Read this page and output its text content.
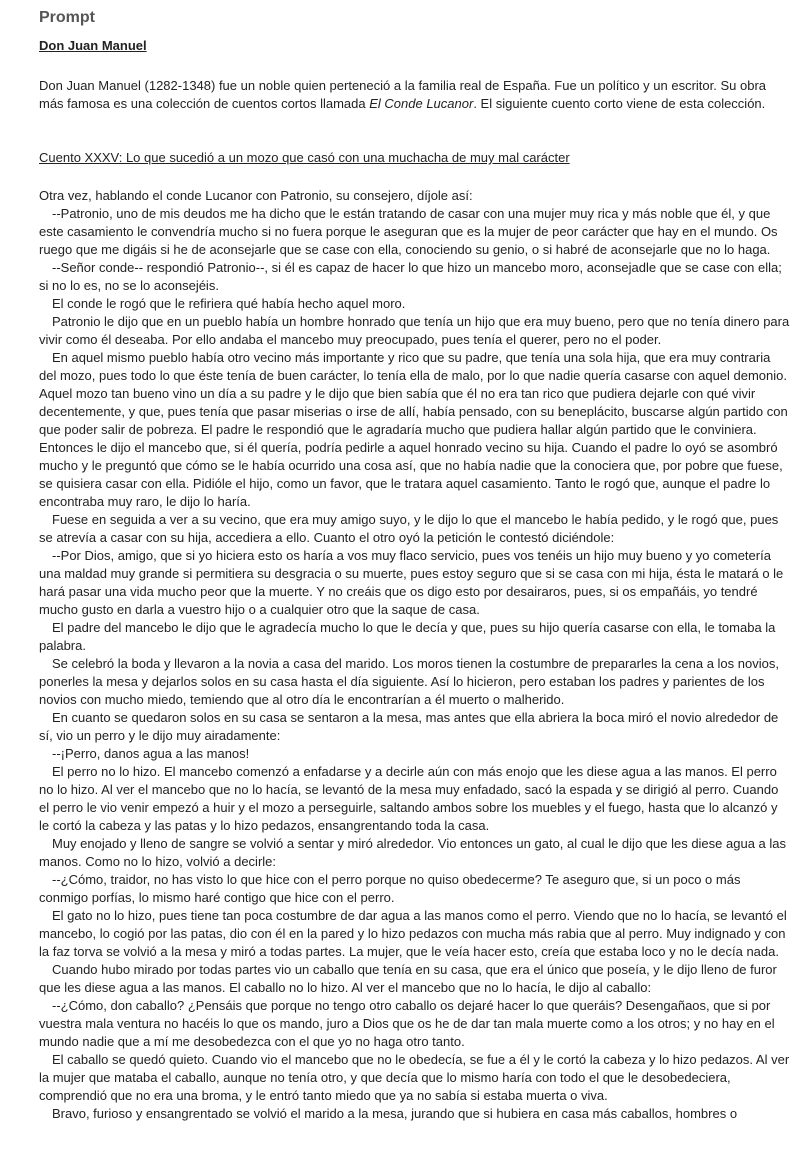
Prompt
Don Juan Manuel

Don Juan Manuel (1282-1348) fue un noble quien perteneció a la familia real de España. Fue un político y un escritor. Su obra más famosa es una colección de cuentos cortos llamada El Conde Lucanor. El siguiente cuento corto viene de esta colección.

Cuento XXXV: Lo que sucedió a un mozo que casó con una muchacha de muy mal carácter

Otra vez, hablando el conde Lucanor con Patronio, su consejero, díjole así:

--Patronio, uno de mis deudos me ha dicho que le están tratando de casar con una mujer muy rica y más noble que él, y que este casamiento le convendría mucho si no fuera porque le aseguran que es la mujer de peor carácter que hay en el mundo. Os ruego que me digáis si he de aconsejarle que se case con ella, conociendo su genio, o si habré de aconsejarle que no lo haga.

--Señor conde-- respondió Patronio--, si él es capaz de hacer lo que hizo un mancebo moro, aconsejadle que se case con ella; si no lo es, no se lo aconsejéis.

El conde le rogó que le refiriera qué había hecho aquel moro.

Patronio le dijo que en un pueblo había un hombre honrado que tenía un hijo que era muy bueno, pero que no tenía dinero para vivir como él deseaba. Por ello andaba el mancebo muy preocupado, pues tenía el querer, pero no el poder.

En aquel mismo pueblo había otro vecino más importante y rico que su padre, que tenía una sola hija, que era muy contraria del mozo, pues todo lo que éste tenía de buen carácter, lo tenía ella de malo, por lo que nadie quería casarse con aquel demonio. Aquel mozo tan bueno vino un día a su padre y le dijo que bien sabía que él no era tan rico que pudiera dejarle con qué vivir decentemente, y que, pues tenía que pasar miserias o irse de allí, había pensado, con su beneplácito, buscarse algún partido con que poder salir de pobreza. El padre le respondió que le agradaría mucho que pudiera hallar algún partido que le conviniera. Entonces le dijo el mancebo que, si él quería, podría pedirle a aquel honrado vecino su hija. Cuando el padre lo oyó se asombró mucho y le preguntó que cómo se le había ocurrido una cosa así, que no había nadie que la conociera que, por pobre que fuese, se quisiera casar con ella. Pidióle el hijo, como un favor, que le tratara aquel casamiento. Tanto le rogó que, aunque el padre lo encontraba muy raro, le dijo lo haría.

Fuese en seguida a ver a su vecino, que era muy amigo suyo, y le dijo lo que el mancebo le había pedido, y le rogó que, pues se atrevía a casar con su hija, accediera a ello. Cuanto el otro oyó la petición le contestó diciéndole:

--Por Dios, amigo, que si yo hiciera esto os haría a vos muy flaco servicio, pues vos tenéis un hijo muy bueno y yo cometería una maldad muy grande si permitiera su desgracia o su muerte, pues estoy seguro que si se casa con mi hija, ésta le matará o le hará pasar una vida mucho peor que la muerte. Y no creáis que os digo esto por desairaros, pues, si os empañáis, yo tendré mucho gusto en darla a vuestro hijo o a cualquier otro que la saque de casa.

El padre del mancebo le dijo que le agradecía mucho lo que le decía y que, pues su hijo quería casarse con ella, le tomaba la palabra.

Se celebró la boda y llevaron a la novia a casa del marido. Los moros tienen la costumbre de prepararles la cena a los novios, ponerles la mesa y dejarlos solos en su casa hasta el día siguiente. Así lo hicieron, pero estaban los padres y parientes de los novios con mucho miedo, temiendo que al otro día le encontrarían a él muerto o malherido.

En cuanto se quedaron solos en su casa se sentaron a la mesa, mas antes que ella abriera la boca miró el novio alrededor de sí, vio un perro y le dijo muy airadamente:

--¡Perro, danos agua a las manos!

El perro no lo hizo. El mancebo comenzó a enfadarse y a decirle aún con más enojo que les diese agua a las manos. El perro no lo hizo. Al ver el mancebo que no lo hacía, se levantó de la mesa muy enfadado, sacó la espada y se dirigió al perro. Cuando el perro le vio venir empezó a huir y el mozo a perseguirle, saltando ambos sobre los muebles y el fuego, hasta que lo alcanzó y le cortó la cabeza y las patas y lo hizo pedazos, ensangrentando toda la casa.

Muy enojado y lleno de sangre se volvió a sentar y miró alrededor. Vio entonces un gato, al cual le dijo que les diese agua a las manos. Como no lo hizo, volvió a decirle:

--¿Cómo, traidor, no has visto lo que hice con el perro porque no quiso obedecerme? Te aseguro que, si un poco o más conmigo porfías, lo mismo haré contigo que hice con el perro.

El gato no lo hizo, pues tiene tan poca costumbre de dar agua a las manos como el perro. Viendo que no lo hacía, se levantó el mancebo, lo cogió por las patas, dio con él en la pared y lo hizo pedazos con mucha más rabia que al perro. Muy indignado y con la faz torva se volvió a la mesa y miró a todas partes. La mujer, que le veía hacer esto, creía que estaba loco y no le decía nada.

Cuando hubo mirado por todas partes vio un caballo que tenía en su casa, que era el único que poseía, y le dijo lleno de furor que les diese agua a las manos. El caballo no lo hizo. Al ver el mancebo que no lo hacía, le dijo al caballo:

--¿Cómo, don caballo? ¿Pensáis que porque no tengo otro caballo os dejaré hacer lo que queráis? Desengañaos, que si por vuestra mala ventura no hacéis lo que os mando, juro a Dios que os he de dar tan mala muerte como a los otros; y no hay en el mundo nadie que a mí me desobedezca con el que yo no haga otro tanto.

El caballo se quedó quieto. Cuando vio el mancebo que no le obedecía, se fue a él y le cortó la cabeza y lo hizo pedazos. Al ver la mujer que mataba el caballo, aunque no tenía otro, y que decía que lo mismo haría con todo el que le desobedeciera, comprendió que no era una broma, y le entró tanto miedo que ya no sabía si estaba muerta o viva.

Bravo, furioso y ensangrentado se volvió el marido a la mesa, jurando que si hubiera en casa más caballos, hombres o
